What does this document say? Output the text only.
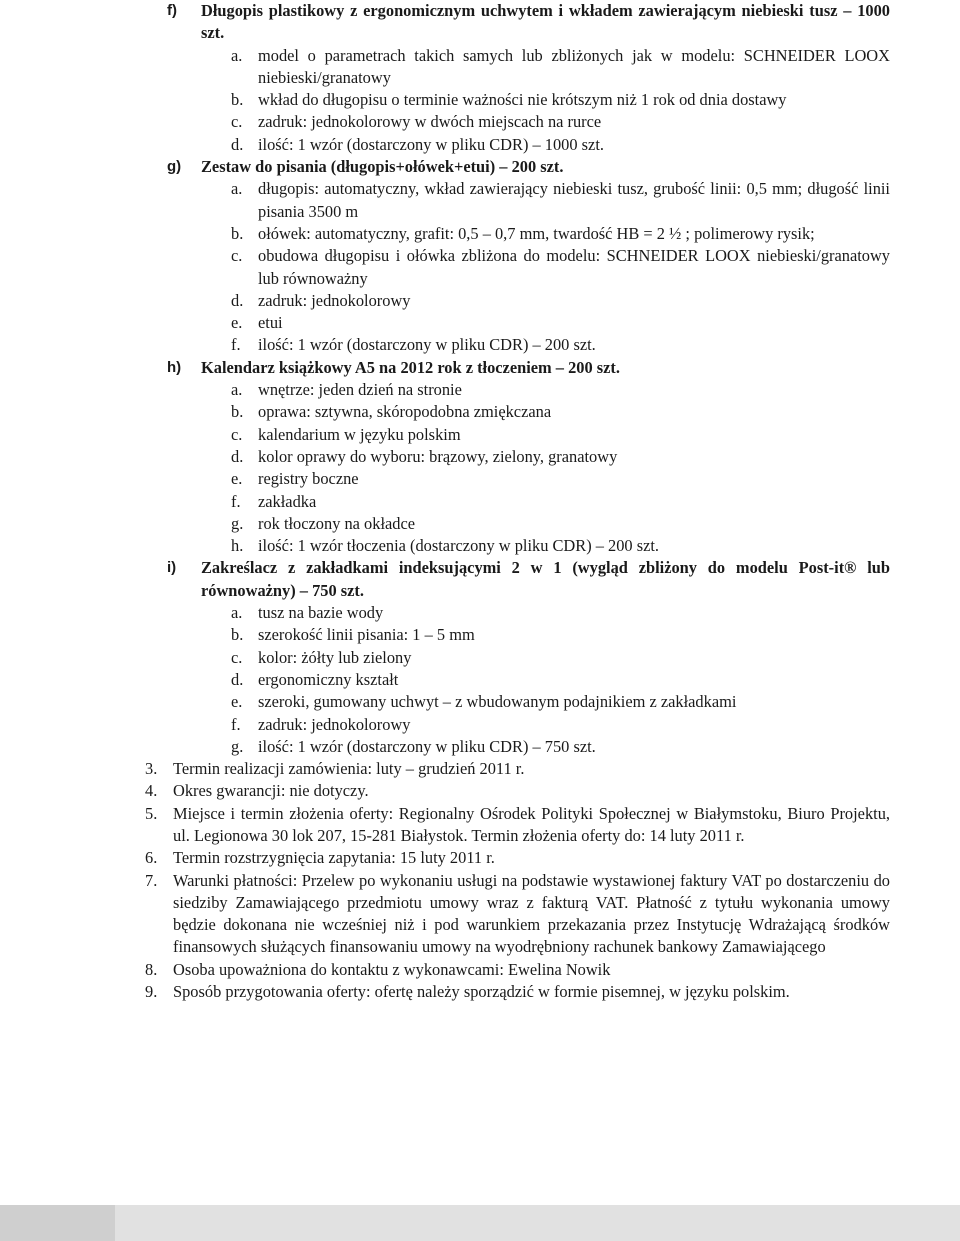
f) Długopis plastikowy z ergonomicznym uchwytem i wkładem zawierającym niebieski tusz – 1000 szt.
a. model o parametrach takich samych lub zbliżonych jak w modelu: SCHNEIDER LOOX niebieski/granatowy
b. wkład do długopisu o terminie ważności nie krótszym niż 1 rok od dnia dostawy
c. zadruk: jednokolorowy w dwóch miejscach na rurce
d. ilość: 1 wzór (dostarczony w pliku CDR) – 1000 szt.
g) Zestaw do pisania (długopis+ołówek+etui) – 200 szt.
a. długopis: automatyczny, wkład zawierający niebieski tusz, grubość linii: 0,5 mm; długość linii pisania 3500 m
b. ołówek: automatyczny, grafit: 0,5 – 0,7 mm, twardość HB = 2 ½ ; polimerowy rysik;
c. obudowa długopisu i ołówka zbliżona do modelu: SCHNEIDER LOOX niebieski/granatowy lub równoważny
d. zadruk: jednokolorowy
e. etui
f. ilość: 1 wzór (dostarczony w pliku CDR) – 200 szt.
h) Kalendarz książkowy A5 na 2012 rok z tłoczeniem – 200 szt.
a. wnętrze: jeden dzień na stronie
b. oprawa: sztywna, skóropodobna zmiękczana
c. kalendarium w języku polskim
d. kolor oprawy do wyboru: brązowy, zielony, granatowy
e. registry boczne
f. zakładka
g. rok tłoczony na okładce
h. ilość: 1 wzór tłoczenia (dostarczony w pliku CDR) – 200 szt.
i) Zakreślacz z zakładkami indeksującymi 2 w 1 (wygląd zbliżony do modelu Post-it® lub równoważny) – 750 szt.
a. tusz na bazie wody
b. szerokość linii pisania: 1 – 5 mm
c. kolor: żółty lub zielony
d. ergonomiczny kształt
e. szeroki, gumowany uchwyt – z wbudowanym podajnikiem z zakładkami
f. zadruk: jednokolorowy
g. ilość: 1 wzór (dostarczony w pliku CDR) – 750 szt.
3. Termin realizacji zamówienia: luty – grudzień 2011 r.
4. Okres gwarancji: nie dotyczy.
5. Miejsce i termin złożenia oferty: Regionalny Ośrodek Polityki Społecznej w Białymstoku, Biuro Projektu, ul. Legionowa 30 lok 207, 15-281 Białystok. Termin złożenia oferty do: 14 luty 2011 r.
6. Termin rozstrzygnięcia zapytania: 15 luty 2011 r.
7. Warunki płatności: Przelew po wykonaniu usługi na podstawie wystawionej faktury VAT po dostarczeniu do siedziby Zamawiającego przedmiotu umowy wraz z fakturą VAT. Płatność z tytułu wykonania umowy będzie dokonana nie wcześniej niż i pod warunkiem przekazania przez Instytucję Wdrażającą środków finansowych służących finansowaniu umowy na wyodrębniony rachunek bankowy Zamawiającego
8. Osoba upoważniona do kontaktu z wykonawcami: Ewelina Nowik
9. Sposób przygotowania oferty: ofertę należy sporządzić w formie pisemnej, w języku polskim.
